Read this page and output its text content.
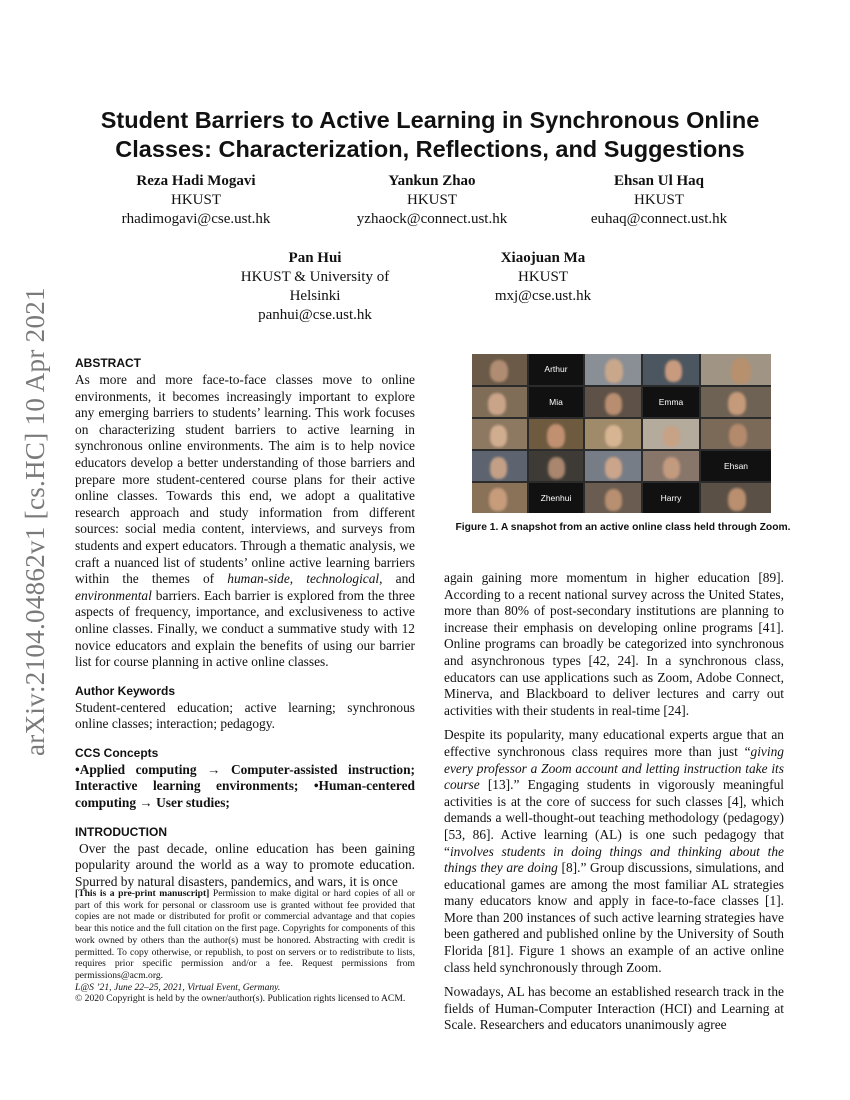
arXiv:2104.04862v1 [cs.HC] 10 Apr 2021
Student Barriers to Active Learning in Synchronous Online
Classes: Characterization, Reflections, and Suggestions
Reza Hadi Mogavi
HKUST
rhadimogavi@cse.ust.hk
Yankun Zhao
HKUST
yzhaock@connect.ust.hk
Ehsan Ul Haq
HKUST
euhaq@connect.ust.hk
Pan Hui
HKUST & University of
Helsinki
panhui@cse.ust.hk
Xiaojuan Ma
HKUST
mxj@cse.ust.hk
ABSTRACT
As more and more face-to-face classes move to online environments, it becomes increasingly important to explore any emerging barriers to students’ learning. This work focuses on characterizing student barriers to active learning in synchronous online environments. The aim is to help novice educators develop a better understanding of those barriers and prepare more student-centered course plans for their active online classes. Towards this end, we adopt a qualitative research approach and study information from different sources: social media content, interviews, and surveys from students and expert educators. Through a thematic analysis, we craft a nuanced list of students’ online active learning barriers within the themes of human-side, technological, and environmental barriers. Each barrier is explored from the three aspects of frequency, importance, and exclusiveness to active online classes. Finally, we conduct a summative study with 12 novice educators and explain the benefits of using our barrier list for course planning in active online classes.
Author Keywords
Student-centered education; active learning; synchronous online classes; interaction; pedagogy.
CCS Concepts
•Applied computing → Computer-assisted instruction; Interactive learning environments; •Human-centered computing → User studies;
INTRODUCTION
Over the past decade, online education has been gaining popularity around the world as a way to promote education. Spurred by natural disasters, pandemics, and wars, it is once
[This is a pre-print manuscript] Permission to make digital or hard copies of all or part of this work for personal or classroom use is granted without fee provided that copies are not made or distributed for profit or commercial advantage and that copies bear this notice and the full citation on the first page. Copyrights for components of this work owned by others than the author(s) must be honored. Abstracting with credit is permitted. To copy otherwise, or republish, to post on servers or to redistribute to lists, requires prior specific permission and/or a fee. Request permissions from permissions@acm.org.
L@S ’21, June 22–25, 2021, Virtual Event, Germany.
© 2020 Copyright is held by the owner/author(s). Publication rights licensed to ACM.
Arthur
Mia	Emma
Ehsan
Zhenhui	Harry
Figure 1. A snapshot from an active online class held through Zoom.
again gaining more momentum in higher education [89]. According to a recent national survey across the United States, more than 80% of post-secondary institutions are planning to increase their emphasis on developing online programs [41]. Online programs can broadly be categorized into synchronous and asynchronous types [42, 24]. In a synchronous class, educators can use applications such as Zoom, Adobe Connect, Minerva, and Blackboard to deliver lectures and carry out activities with their students in real-time [24].
Despite its popularity, many educational experts argue that an effective synchronous class requires more than just “giving every professor a Zoom account and letting instruction take its course [13].” Engaging students in vigorously meaningful activities is at the core of success for such classes [4], which demands a well-thought-out teaching methodology (pedagogy) [53, 86]. Active learning (AL) is one such pedagogy that “involves students in doing things and thinking about the things they are doing [8].” Group discussions, simulations, and educational games are among the most familiar AL strategies many educators know and apply in face-to-face classes [1]. More than 200 instances of such active learning strategies have been gathered and published online by the University of South Florida [81]. Figure 1 shows an example of an active online class held synchronously through Zoom.
Nowadays, AL has become an established research track in the fields of Human-Computer Interaction (HCI) and Learning at Scale. Researchers and educators unanimously agree
